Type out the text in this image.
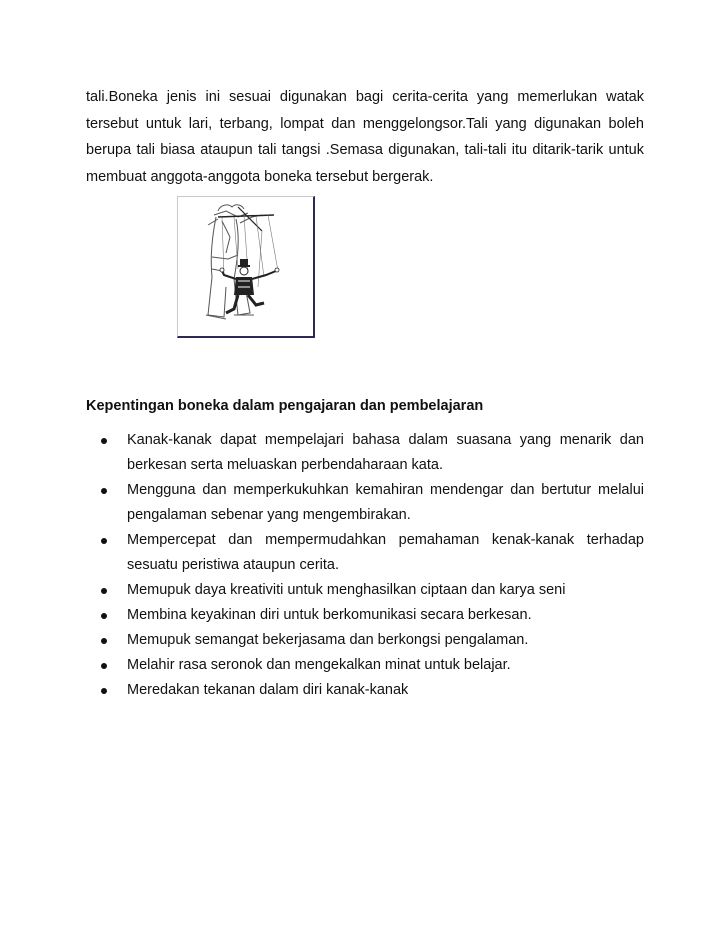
tali.Boneka jenis ini sesuai digunakan bagi cerita-cerita yang memerlukan watak tersebut untuk lari, terbang, lompat dan menggelongsor.Tali yang digunakan boleh berupa tali biasa ataupun tali tangsi .Semasa digunakan, tali-tali itu ditarik-tarik untuk membuat anggota-anggota boneka tersebut bergerak.

Kepentingan boneka dalam pengajaran dan pembelajaran
Kanak-kanak dapat mempelajari bahasa dalam suasana yang menarik dan berkesan serta meluaskan perbendaharaan kata.
Mengguna dan memperkukuhkan kemahiran mendengar dan bertutur melalui pengalaman sebenar yang mengembirakan.
Mempercepat dan mempermudahkan pemahaman kenak-kanak terhadap sesuatu peristiwa ataupun cerita.
Memupuk daya kreativiti untuk menghasilkan ciptaan dan karya seni
Membina keyakinan diri untuk berkomunikasi secara berkesan.
Memupuk semangat bekerjasama dan berkongsi pengalaman.
Melahir rasa seronok dan mengekalkan minat untuk belajar.
Meredakan tekanan dalam diri kanak-kanak
